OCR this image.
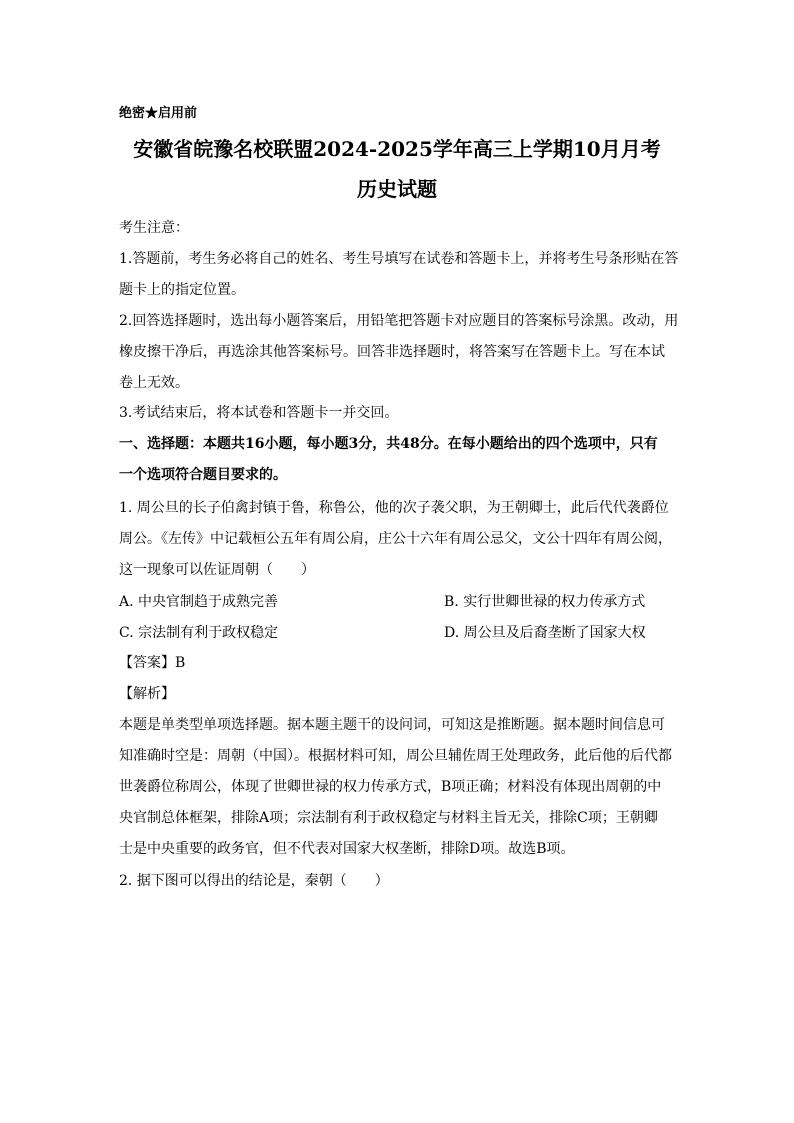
绝密★启用前
安徽省皖豫名校联盟2024-2025学年高三上学期10月月考
历史试题
考生注意：
1.答题前，考生务必将自己的姓名、考生号填写在试卷和答题卡上，并将考生号条形贴在答
题卡上的指定位置。
2.回答选择题时，选出每小题答案后，用铅笔把答题卡对应题目的答案标号涂黑。改动，用
橡皮擦干净后，再选涂其他答案标号。回答非选择题时，将答案写在答题卡上。写在本试
卷上无效。
3.考试结束后，将本试卷和答题卡一并交回。
一、选择题：本题共16小题，每小题3分，共48分。在每小题给出的四个选项中，只有
一个选项符合题目要求的。
1. 周公旦的长子伯禽封镇于鲁，称鲁公，他的次子袭父职，为王朝卿士，此后代代袭爵位
周公。《左传》中记载桓公五年有周公肩，庄公十六年有周公忌父，文公十四年有周公阅，
这一现象可以佐证周朝（　　）
A. 中央官制趋于成熟完善	B. 实行世卿世禄的权力传承方式
C. 宗法制有利于政权稳定	D. 周公旦及后裔垄断了国家大权
【答案】B
【解析】
本题是单类型单项选择题。据本题主题干的设问词，可知这是推断题。据本题时间信息可
知准确时空是：周朝（中国）。根据材料可知，周公旦辅佐周王处理政务，此后他的后代都
世袭爵位称周公，体现了世卿世禄的权力传承方式，B项正确；材料没有体现出周朝的中
央官制总体框架，排除A项；宗法制有利于政权稳定与材料主旨无关，排除C项；王朝卿
士是中央重要的政务官，但不代表对国家大权垄断，排除D项。故选B项。
2. 据下图可以得出的结论是，秦朝（　　）
